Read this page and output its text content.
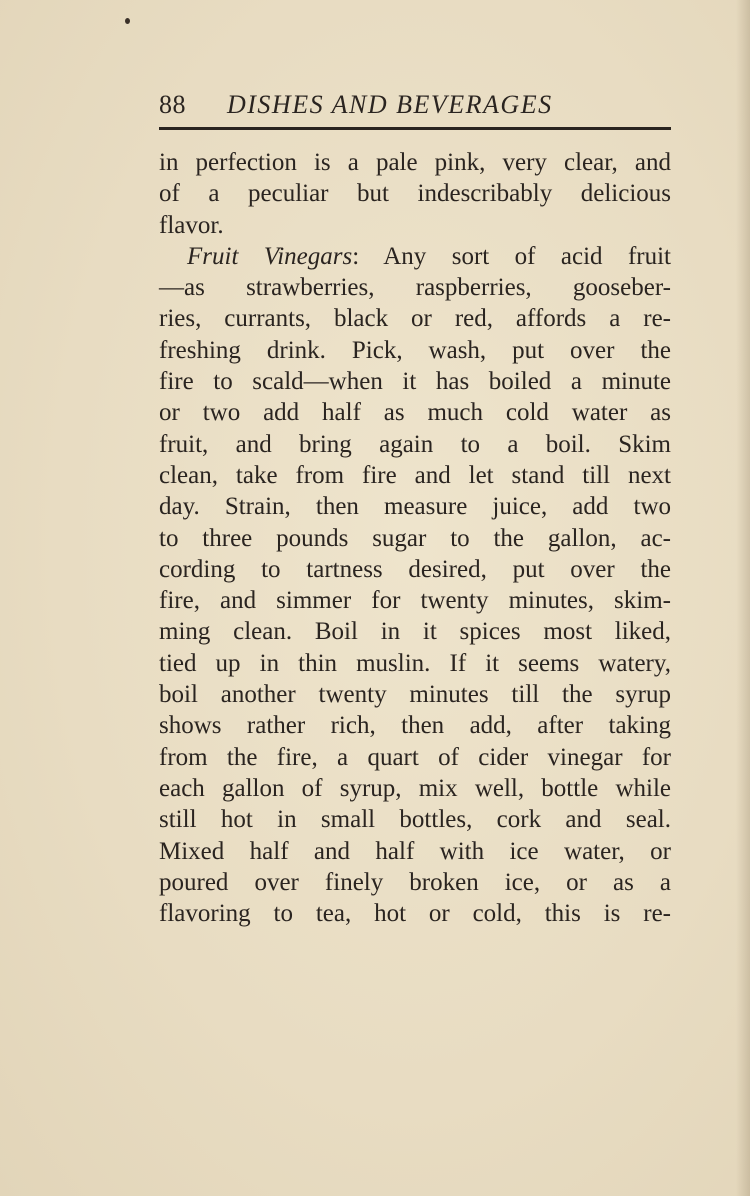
88 DISHES AND BEVERAGES
in perfection is a pale pink, very clear, and
of a peculiar but indescribably delicious
flavor.
Fruit Vinegars: Any sort of acid fruit
—as strawberries, raspberries, gooseber-
ries, currants, black or red, affords a re-
freshing drink. Pick, wash, put over the
fire to scald—when it has boiled a minute
or two add half as much cold water as
fruit, and bring again to a boil. Skim
clean, take from fire and let stand till next
day. Strain, then measure juice, add two
to three pounds sugar to the gallon, ac-
cording to tartness desired, put over the
fire, and simmer for twenty minutes, skim-
ming clean. Boil in it spices most liked,
tied up in thin muslin. If it seems watery,
boil another twenty minutes till the syrup
shows rather rich, then add, after taking
from the fire, a quart of cider vinegar for
each gallon of syrup, mix well, bottle while
still hot in small bottles, cork and seal.
Mixed half and half with ice water, or
poured over finely broken ice, or as a
flavoring to tea, hot or cold, this is re-
